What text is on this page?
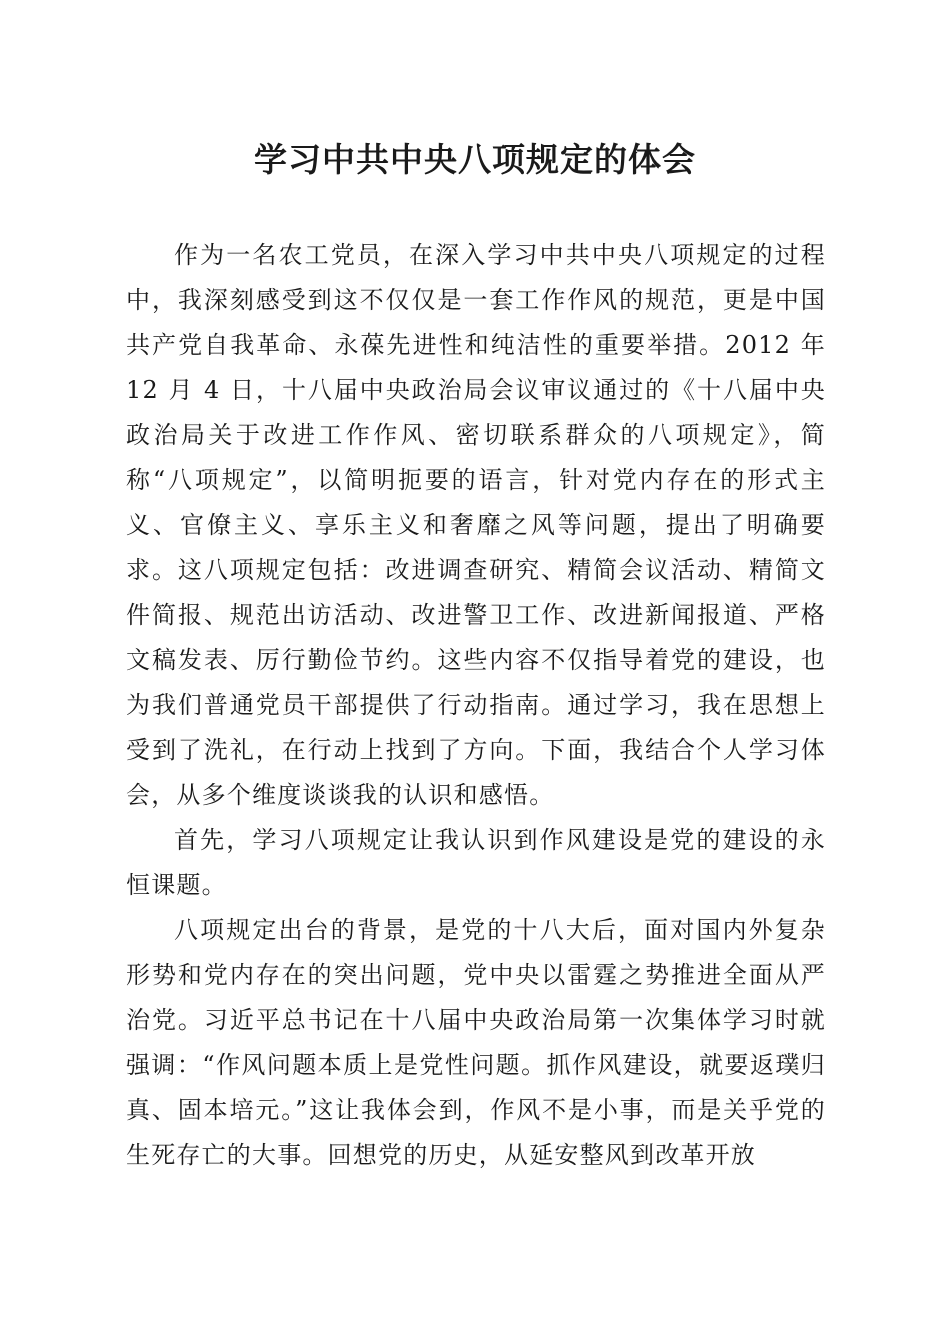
学习中共中央八项规定的体会

作为一名农工党员，在深入学习中共中央八项规定的过程中，我深刻感受到这不仅仅是一套工作作风的规范，更是中国共产党自我革命、永葆先进性和纯洁性的重要举措。2012 年 12 月 4 日，十八届中央政治局会议审议通过的《十八届中央政治局关于改进工作作风、密切联系群众的八项规定》，简称“八项规定”，以简明扼要的语言，针对党内存在的形式主义、官僚主义、享乐主义和奢靡之风等问题，提出了明确要求。这八项规定包括：改进调查研究、精简会议活动、精简文件简报、规范出访活动、改进警卫工作、改进新闻报道、严格文稿发表、厉行勤俭节约。这些内容不仅指导着党的建设，也为我们普通党员干部提供了行动指南。通过学习，我在思想上受到了洗礼，在行动上找到了方向。下面，我结合个人学习体会，从多个维度谈谈我的认识和感悟。

首先，学习八项规定让我认识到作风建设是党的建设的永恒课题。

八项规定出台的背景，是党的十八大后，面对国内外复杂形势和党内存在的突出问题，党中央以雷霆之势推进全面从严治党。习近平总书记在十八届中央政治局第一次集体学习时就强调：“作风问题本质上是党性问题。抓作风建设，就要返璞归真、固本培元。”这让我体会到，作风不是小事，而是关乎党的生死存亡的大事。回想党的历史，从延安整风到改革开放
